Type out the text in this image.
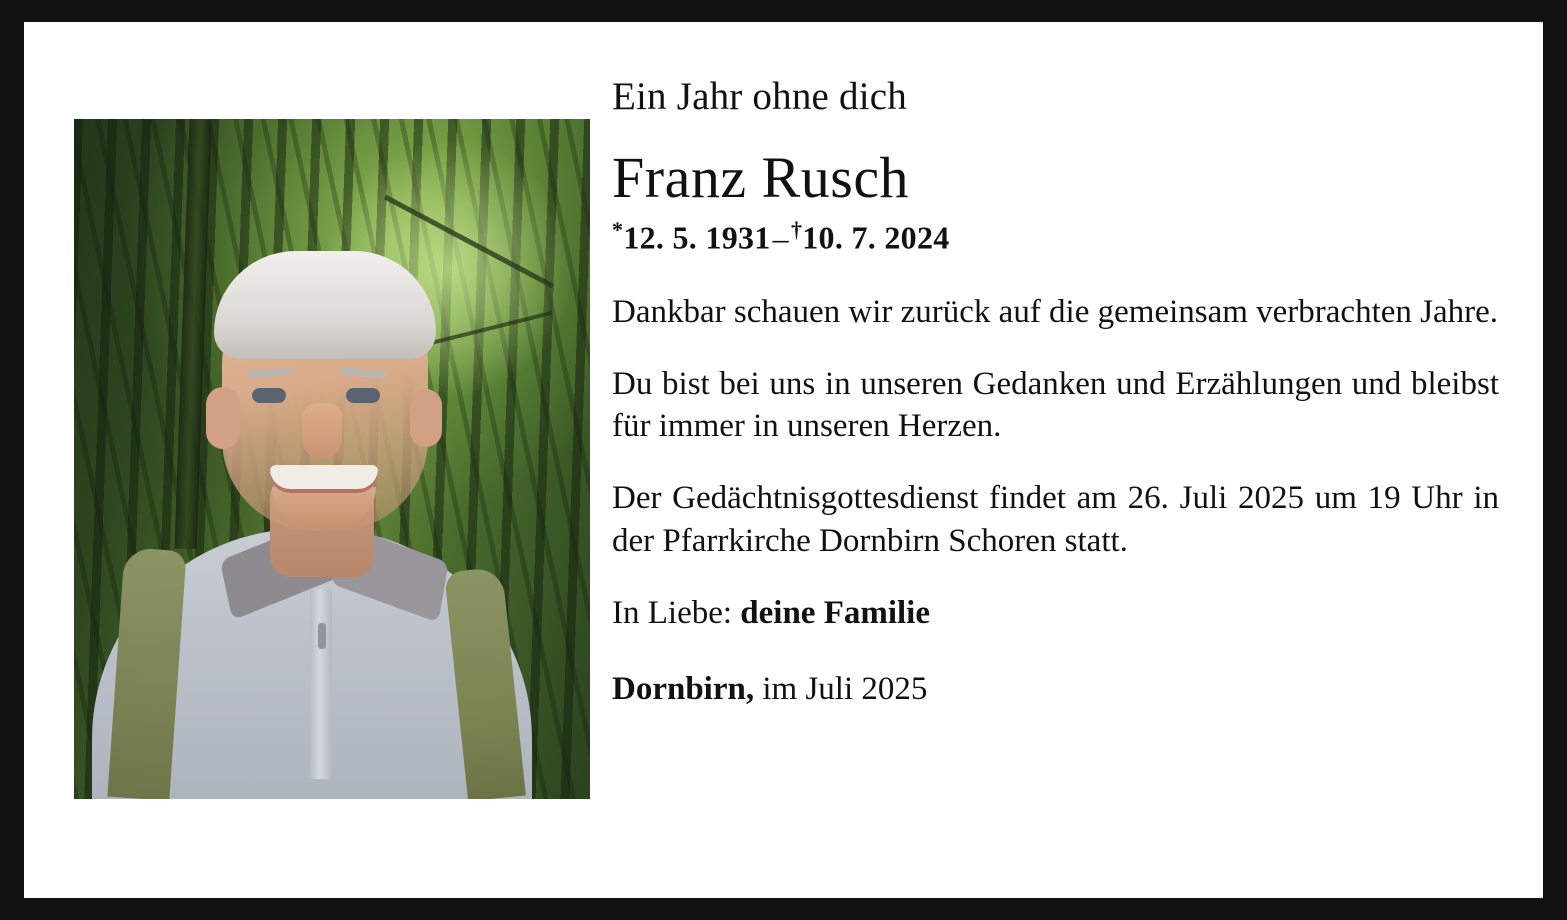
Ein Jahr ohne dich

Franz Rusch

*12. 5. 1931–†10. 7. 2024

Dankbar schauen wir zurück auf die gemeinsam verbrachten Jahre.

Du bist bei uns in unseren Gedanken und Erzählungen und bleibst für immer in unseren Herzen.

Der Gedächtnisgottesdienst findet am 26. Juli 2025 um 19 Uhr in der Pfarrkirche Dornbirn Schoren statt.

In Liebe: deine Familie

Dornbirn, im Juli 2025
